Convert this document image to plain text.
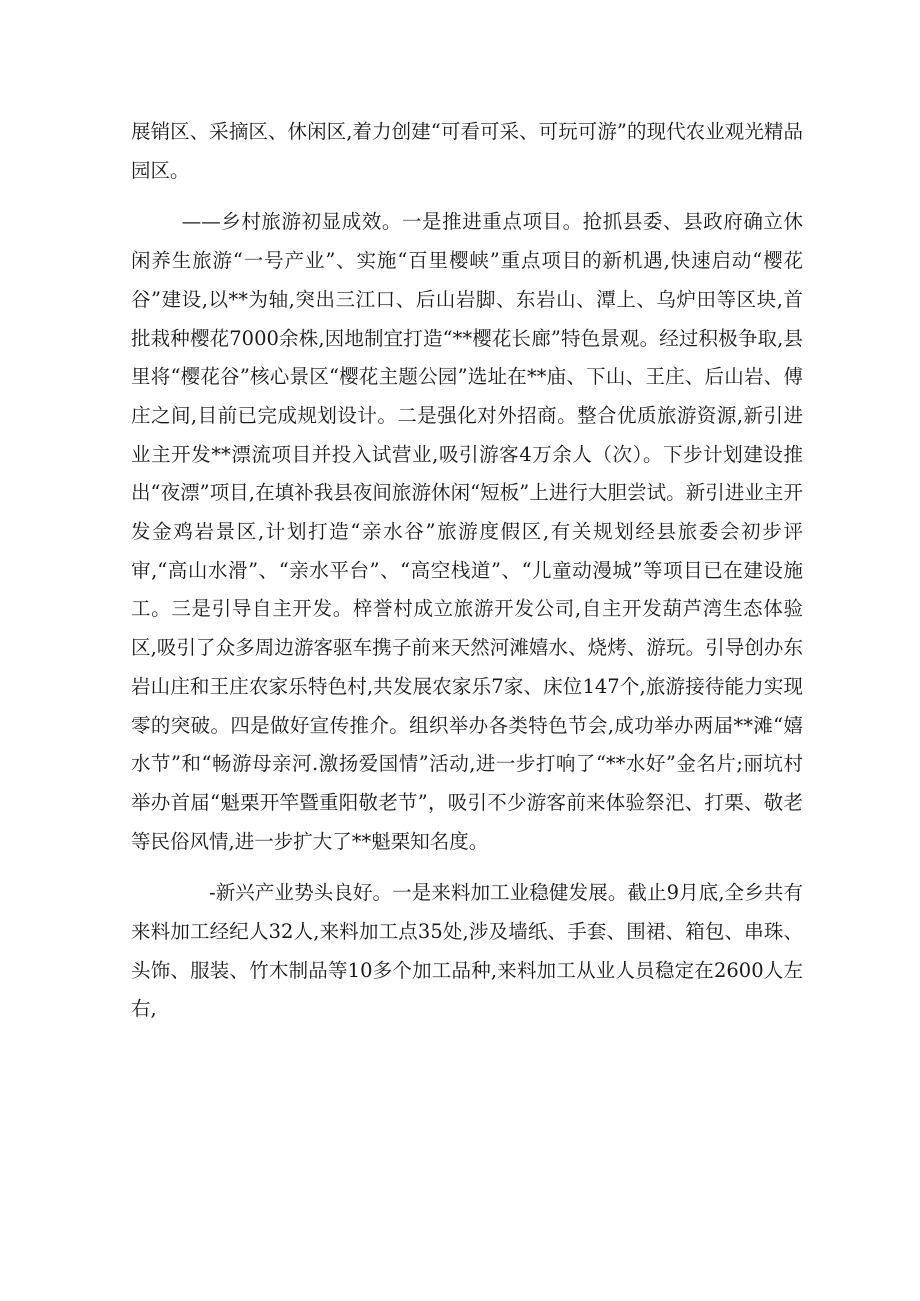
展销区、采摘区、休闲区,着力创建“可看可采、可玩可游”的现代农业观光精品园区。

——乡村旅游初显成效。一是推进重点项目。抢抓县委、县政府确立休闲养生旅游“一号产业”、实施“百里樱峡”重点项目的新机遇,快速启动“樱花谷”建设,以**为轴,突出三江口、后山岩脚、东岩山、潭上、乌炉田等区块,首批栽种樱花7000余株,因地制宜打造“**樱花长廊”特色景观。经过积极争取,县里将“樱花谷”核心景区“樱花主题公园”选址在**庙、下山、王庄、后山岩、傅庄之间,目前已完成规划设计。二是强化对外招商。整合优质旅游资源,新引进业主开发**漂流项目并投入试营业,吸引游客4万余人（次）。下步计划建设推出“夜漂”项目,在填补我县夜间旅游休闲“短板”上进行大胆尝试。新引进业主开发金鸡岩景区,计划打造“亲水谷”旅游度假区,有关规划经县旅委会初步评审,“高山水滑”、“亲水平台”、“高空栈道”、“儿童动漫城”等项目已在建设施工。三是引导自主开发。梓誉村成立旅游开发公司,自主开发葫芦湾生态体验区,吸引了众多周边游客驱车携子前来天然河滩嬉水、烧烤、游玩。引导创办东岩山庄和王庄农家乐特色村,共发展农家乐7家、床位147个,旅游接待能力实现零的突破。四是做好宣传推介。组织举办各类特色节会,成功举办两届**滩“嬉水节”和“畅游母亲河.激扬爱国情”活动,进一步打响了“**水好”金名片;丽坑村举办首届“魁栗开竿暨重阳敬老节”，吸引不少游客前来体验祭汜、打栗、敬老等民俗风情,进一步扩大了**魁栗知名度。

-新兴产业势头良好。一是来料加工业稳健发展。截止9月底,全乡共有来料加工经纪人32人,来料加工点35处,涉及墙纸、手套、围裙、箱包、串珠、头饰、服装、竹木制品等10多个加工品种,来料加工从业人员稳定在2600人左右,
